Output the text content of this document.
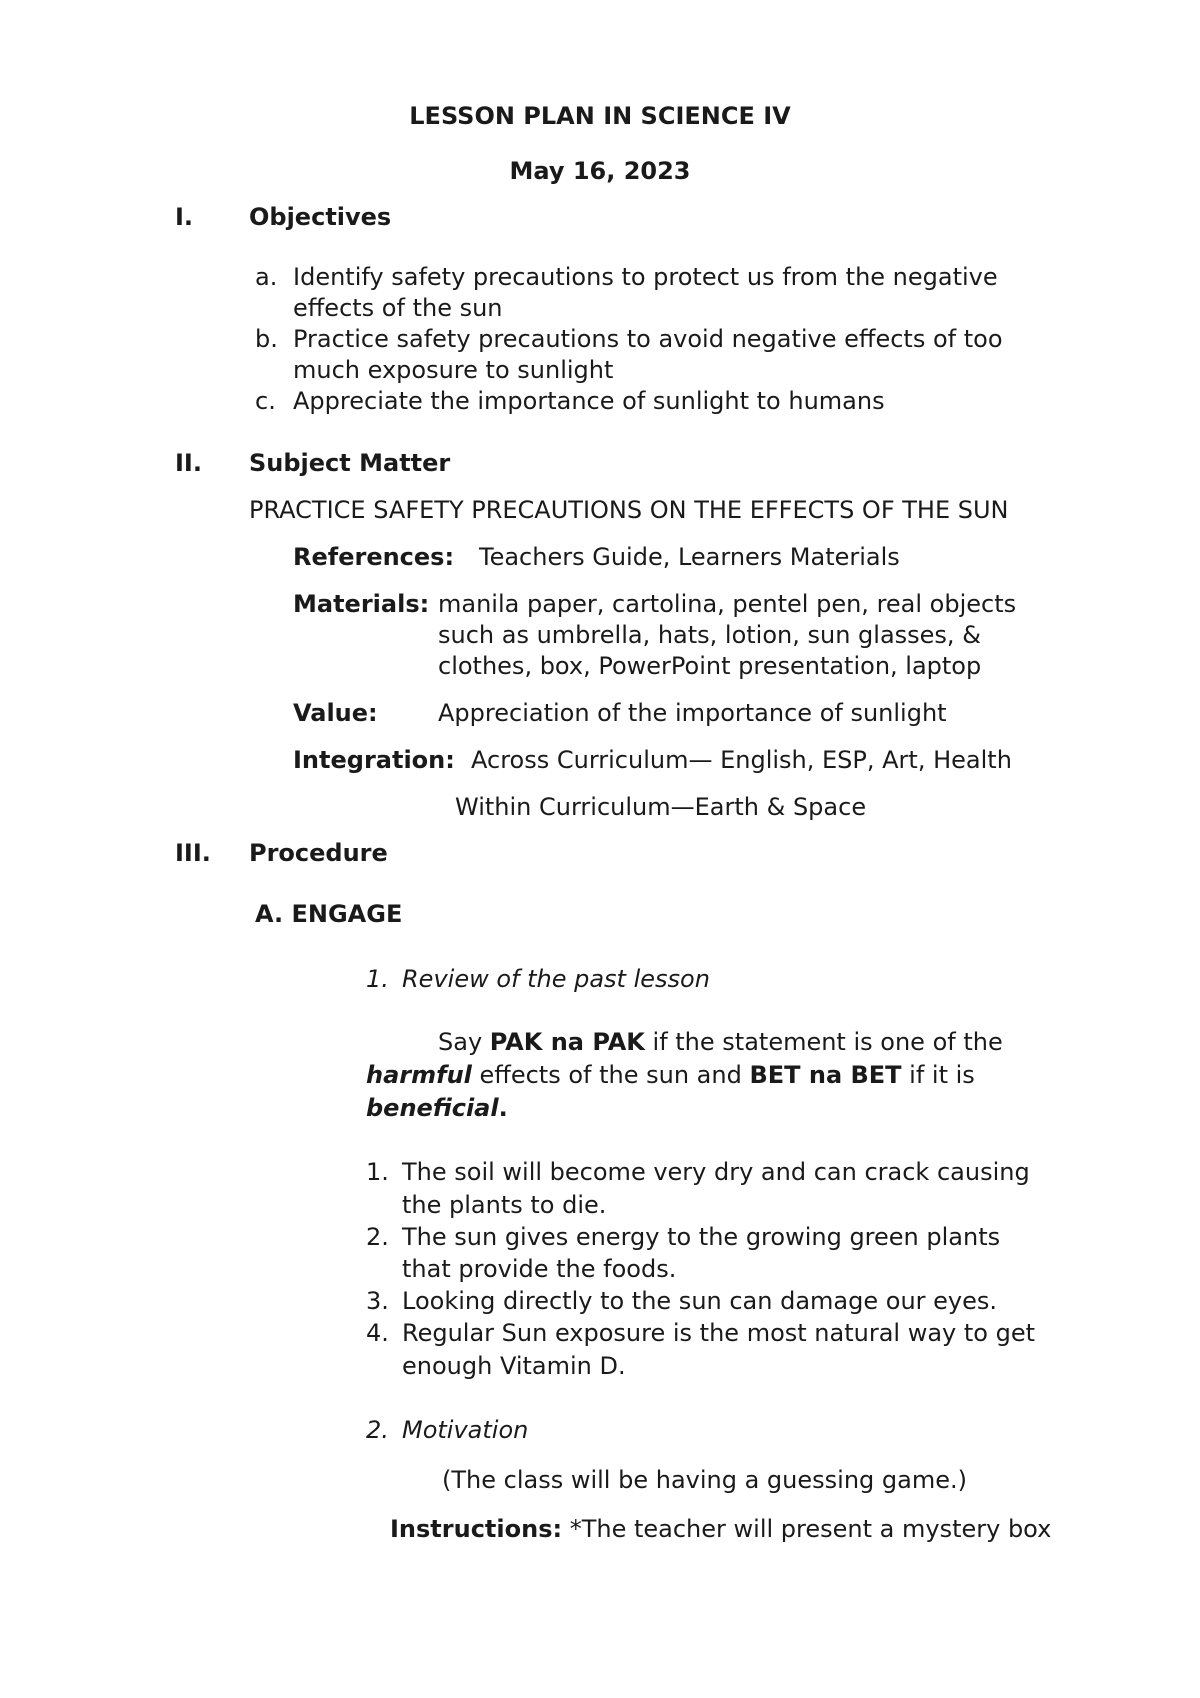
LESSON PLAN IN SCIENCE IV
May 16, 2023
I. Objectives
a. Identify safety precautions to protect us from the negative
effects of the sun
b. Practice safety precautions to avoid negative effects of too
much exposure to sunlight
c. Appreciate the importance of sunlight to humans
II. Subject Matter
PRACTICE SAFETY PRECAUTIONS ON THE EFFECTS OF THE SUN
References: Teachers Guide, Learners Materials
Materials: manila paper, cartolina, pentel pen, real objects
such as umbrella, hats, lotion, sun glasses, &
clothes, box, PowerPoint presentation, laptop
Value:	Appreciation of the importance of sunlight
Integration: Across Curriculum— English, ESP, Art, Health
Within Curriculum—Earth & Space
III. Procedure
A. ENGAGE
1. Review of the past lesson
Say PAK na PAK if the statement is one of the
harmful effects of the sun and BET na BET if it is
beneficial.
1. The soil will become very dry and can crack causing
the plants to die.
2. The sun gives energy to the growing green plants
that provide the foods.
3. Looking directly to the sun can damage our eyes.
4. Regular Sun exposure is the most natural way to get
enough Vitamin D.
2. Motivation
(The class will be having a guessing game.)
Instructions: *The teacher will present a mystery box
